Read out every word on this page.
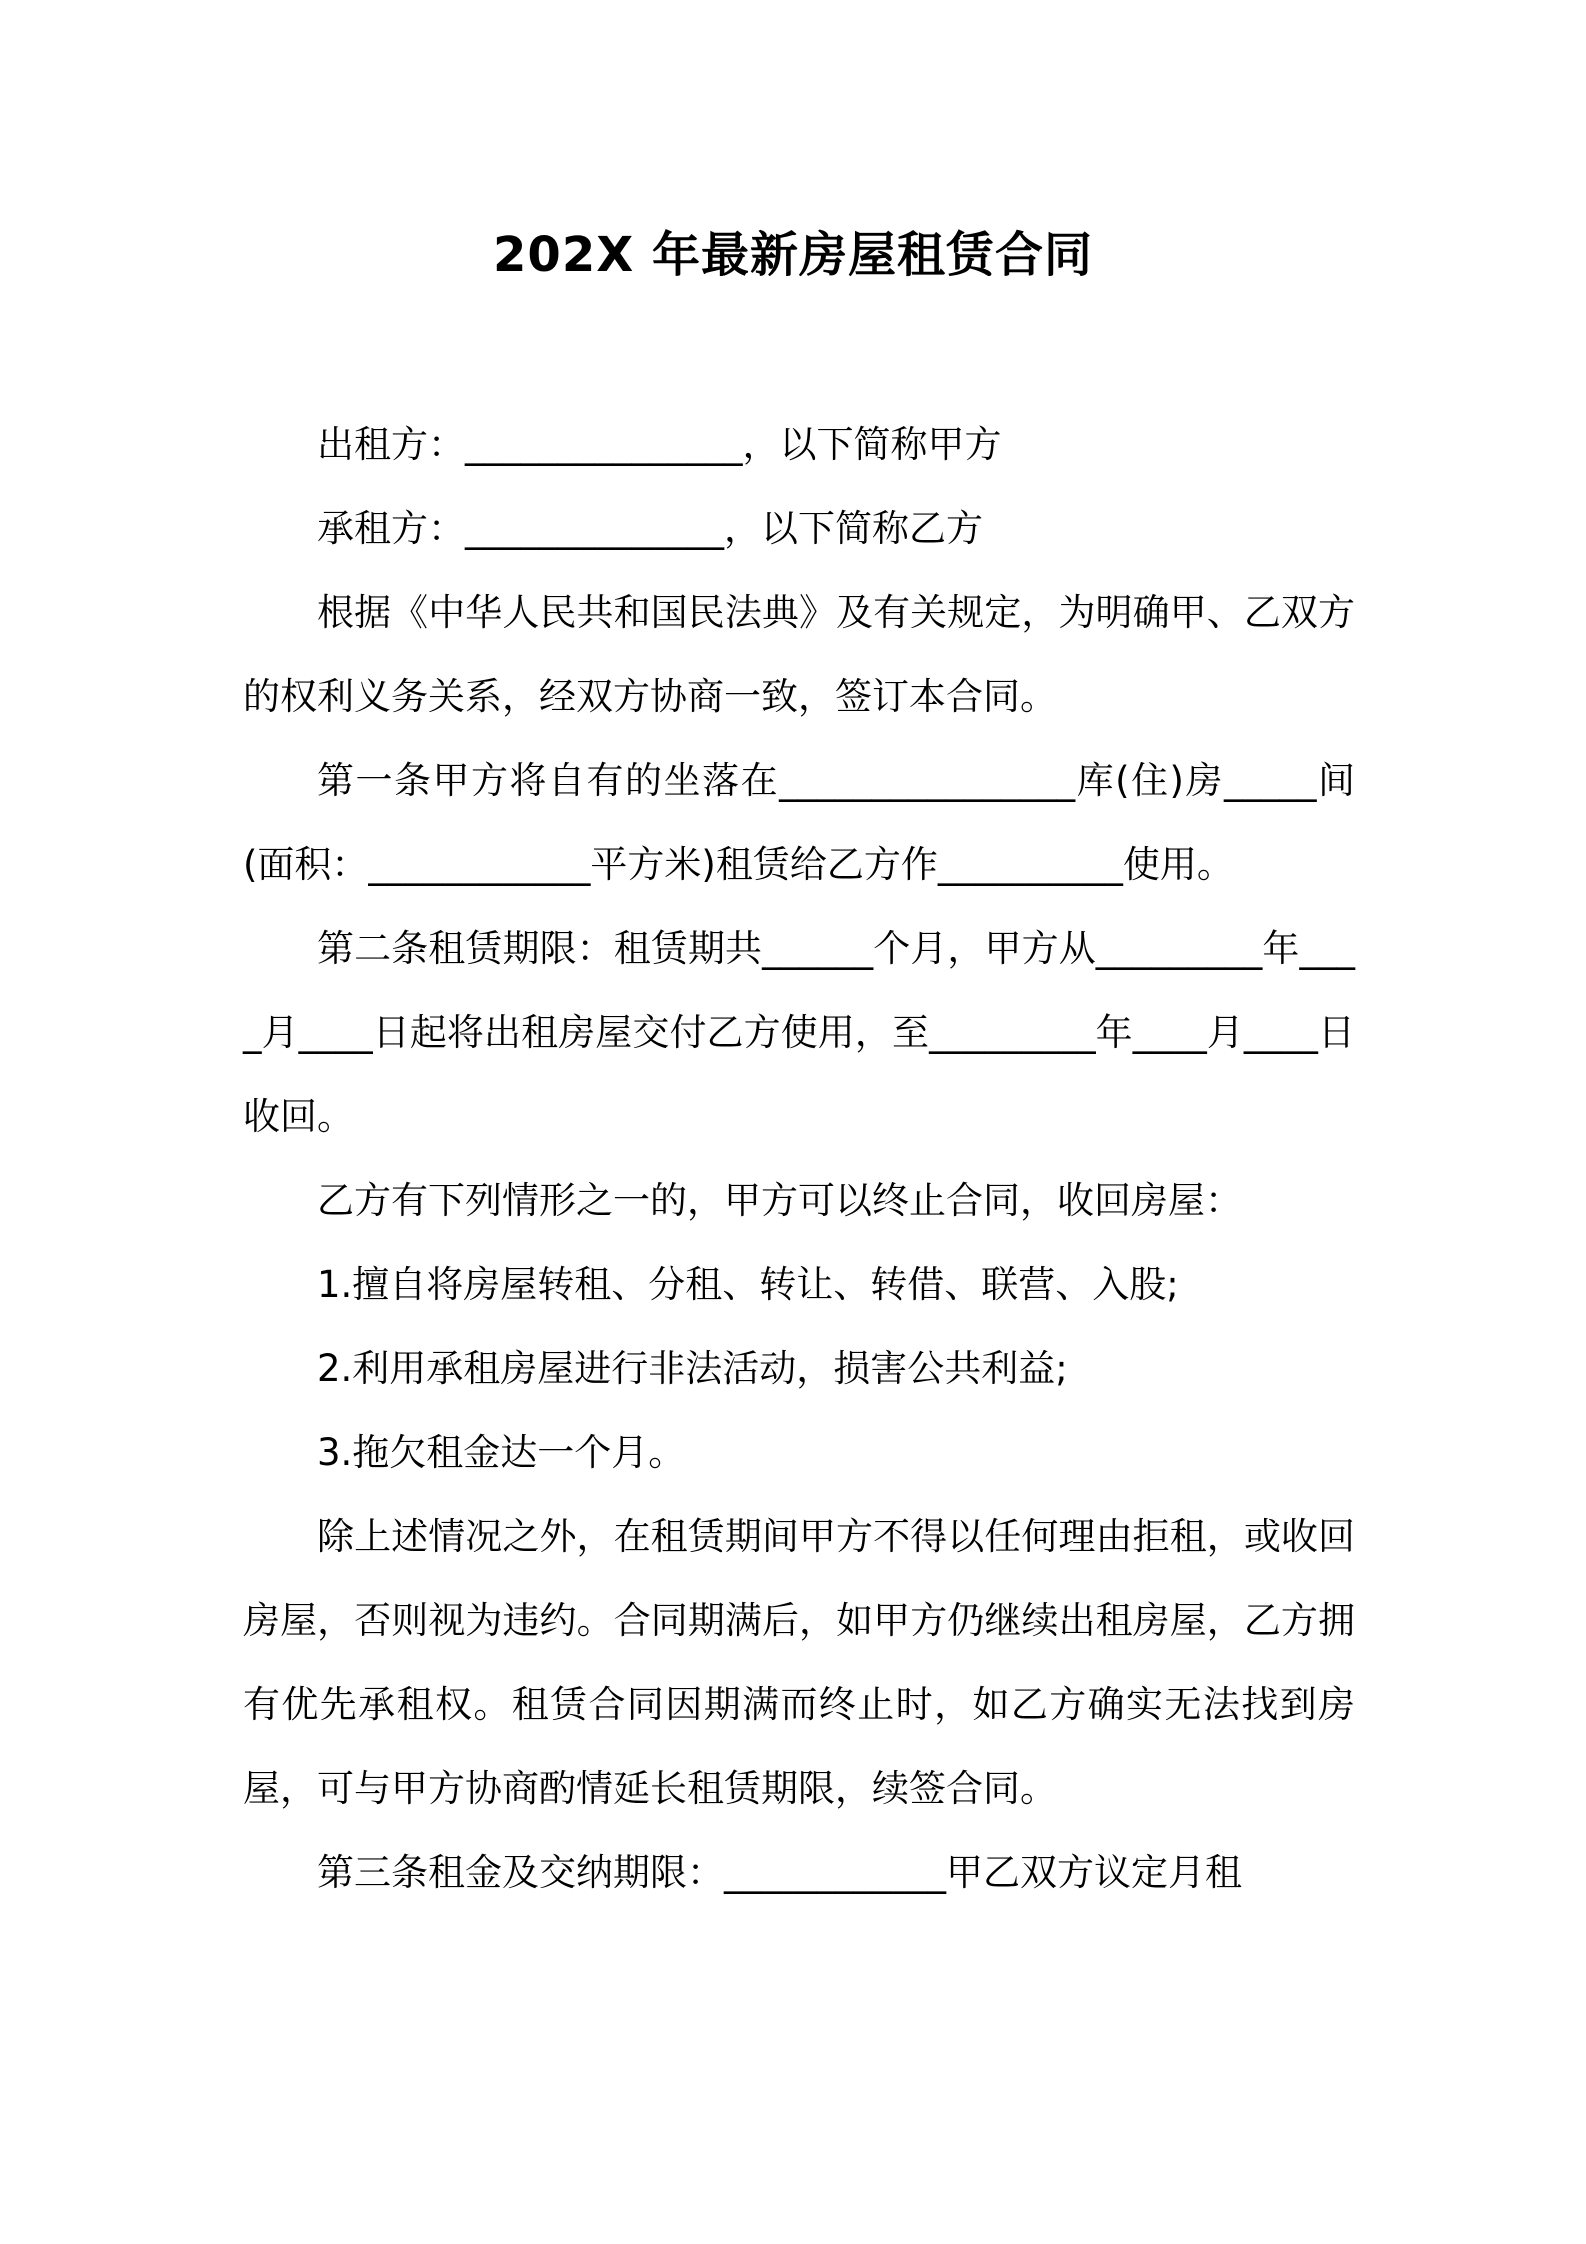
202X 年最新房屋租赁合同

出租方：_______________，以下简称甲方

承租方：______________，以下简称乙方

根据《中华人民共和国民法典》及有关规定，为明确甲、乙双方的权利义务关系，经双方协商一致，签订本合同。

第一条甲方将自有的坐落在________________库(住)房_____间(面积：____________平方米)租赁给乙方作__________使用。

第二条租赁期限：租赁期共______个月，甲方从_________年____月____日起将出租房屋交付乙方使用，至_________年____月____日收回。

乙方有下列情形之一的，甲方可以终止合同，收回房屋：

1.擅自将房屋转租、分租、转让、转借、联营、入股;

2.利用承租房屋进行非法活动，损害公共利益;

3.拖欠租金达一个月。

除上述情况之外，在租赁期间甲方不得以任何理由拒租，或收回房屋，否则视为违约。合同期满后，如甲方仍继续出租房屋，乙方拥有优先承租权。租赁合同因期满而终止时，如乙方确实无法找到房屋，可与甲方协商酌情延长租赁期限，续签合同。

第三条租金及交纳期限：____________甲乙双方议定月租
